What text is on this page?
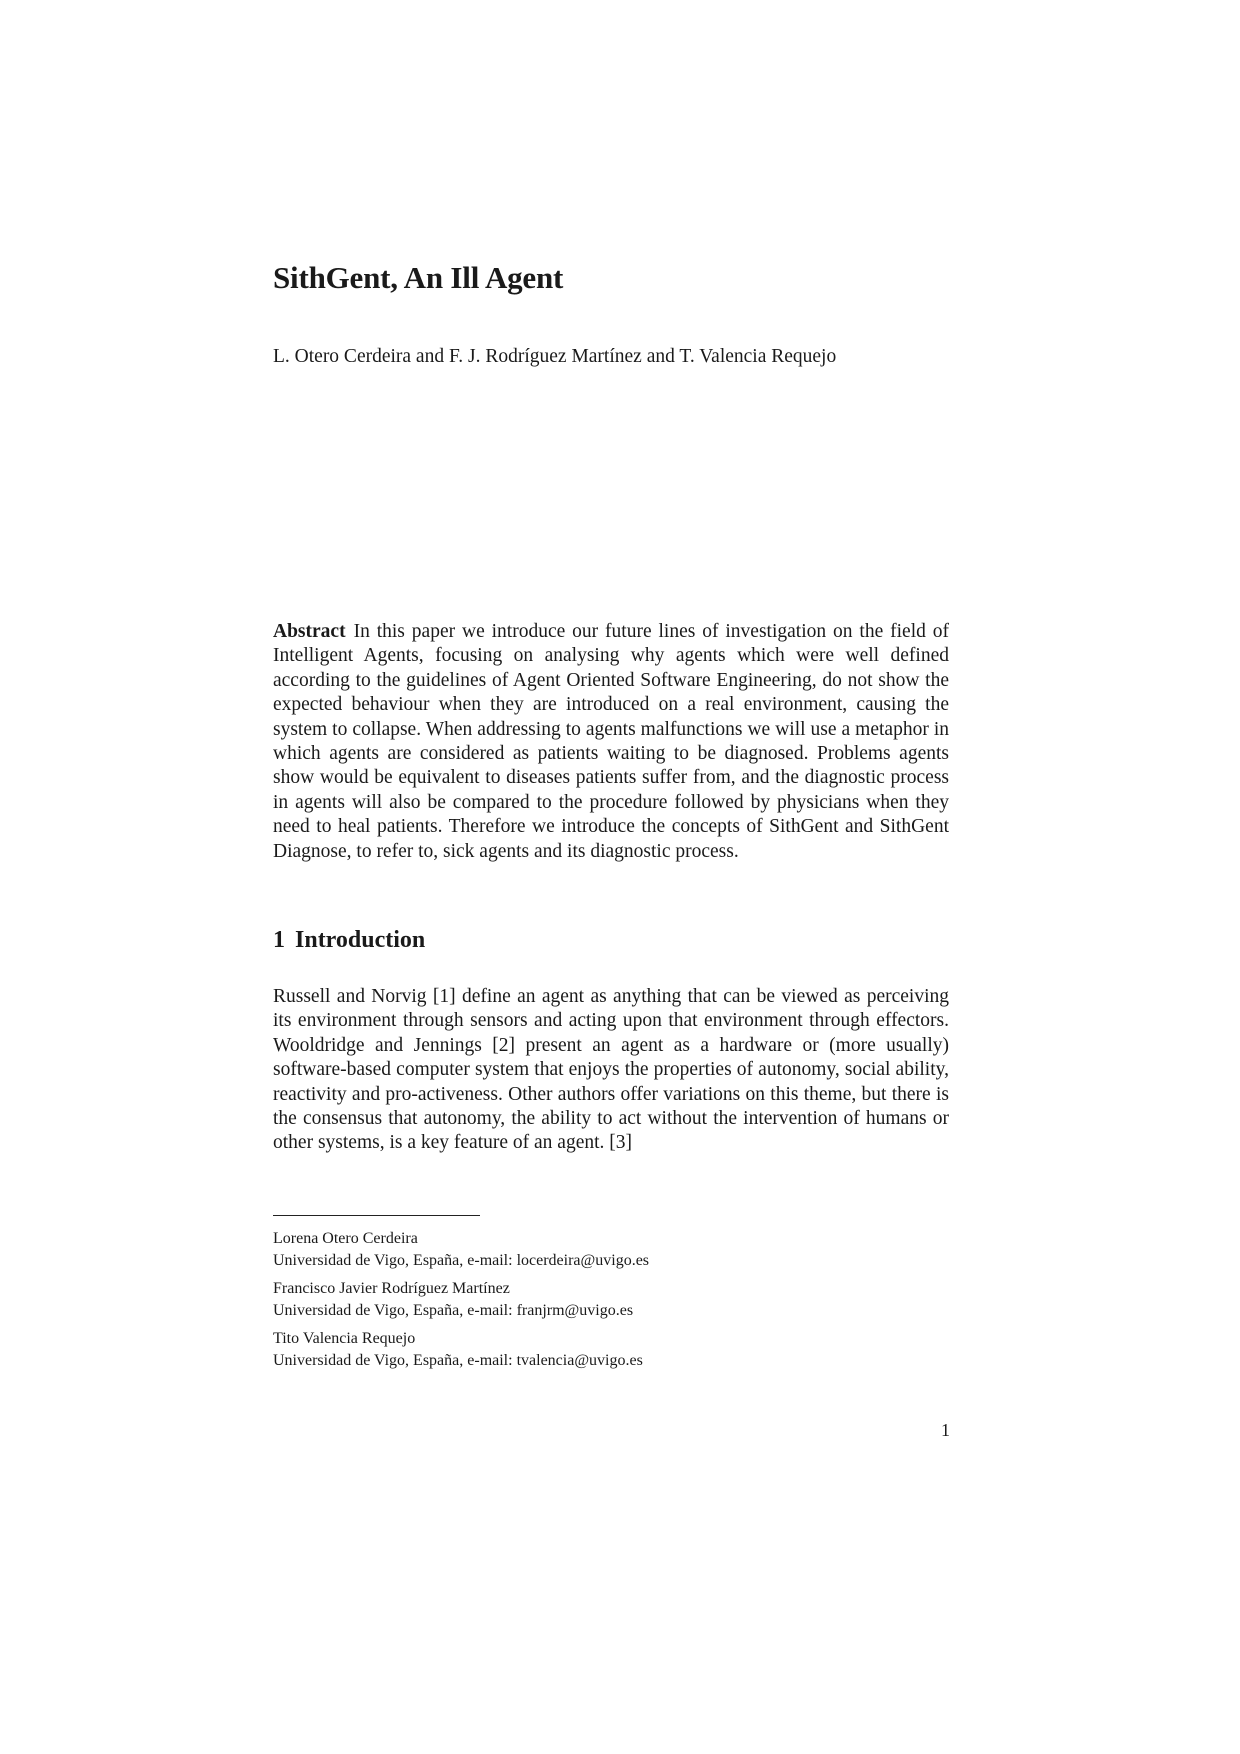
SithGent, An Ill Agent

L. Otero Cerdeira and F. J. Rodríguez Martínez and T. Valencia Requejo

Abstract In this paper we introduce our future lines of investigation on the field of Intelligent Agents, focusing on analysing why agents which were well defined according to the guidelines of Agent Oriented Software Engineering, do not show the expected behaviour when they are introduced on a real environment, causing the system to collapse. When addressing to agents malfunctions we will use a metaphor in which agents are considered as patients waiting to be diagnosed. Problems agents show would be equivalent to diseases patients suffer from, and the diagnostic process in agents will also be compared to the procedure followed by physicians when they need to heal patients. Therefore we introduce the concepts of SithGent and SithGent Diagnose, to refer to, sick agents and its diagnostic process.

1 Introduction

Russell and Norvig [1] define an agent as anything that can be viewed as perceiving its environment through sensors and acting upon that environment through effectors. Wooldridge and Jennings [2] present an agent as a hardware or (more usually) software-based computer system that enjoys the properties of autonomy, social ability, reactivity and pro-activeness. Other authors offer variations on this theme, but there is the consensus that autonomy, the ability to act without the intervention of humans or other systems, is a key feature of an agent. [3]

Lorena Otero Cerdeira
Universidad de Vigo, España, e-mail: locerdeira@uvigo.es
Francisco Javier Rodríguez Martínez
Universidad de Vigo, España, e-mail: franjrm@uvigo.es
Tito Valencia Requejo
Universidad de Vigo, España, e-mail: tvalencia@uvigo.es
1
